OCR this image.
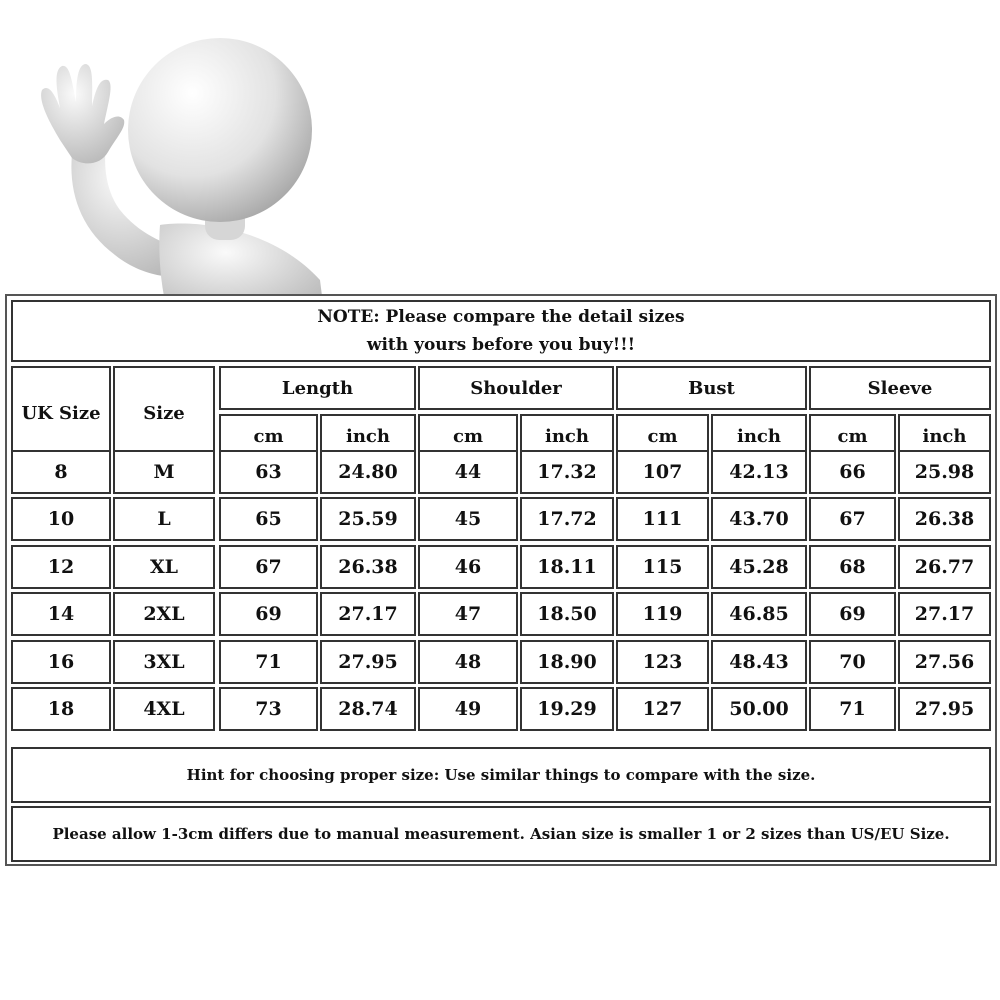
NOTE: Please compare the detail sizes
with yours before you buy!!!
UK Size	Size
Length	Shoulder	Bust	Sleeve
cm	inch	cm	inch	cm	inch	cm	inch
8	M	63	24.80	44	17.32	107	42.13	66	25.98
10	L	65	25.59	45	17.72	111	43.70	67	26.38
12	XL	67	26.38	46	18.11	115	45.28	68	26.77
14	2XL	69	27.17	47	18.50	119	46.85	69	27.17
16	3XL	71	27.95	48	18.90	123	48.43	70	27.56
18	4XL	73	28.74	49	19.29	127	50.00	71	27.95
Hint for choosing proper size: Use similar things to compare with the size.
Please allow 1-3cm differs due to manual measurement. Asian size is smaller 1 or 2 sizes than US/EU Size.
